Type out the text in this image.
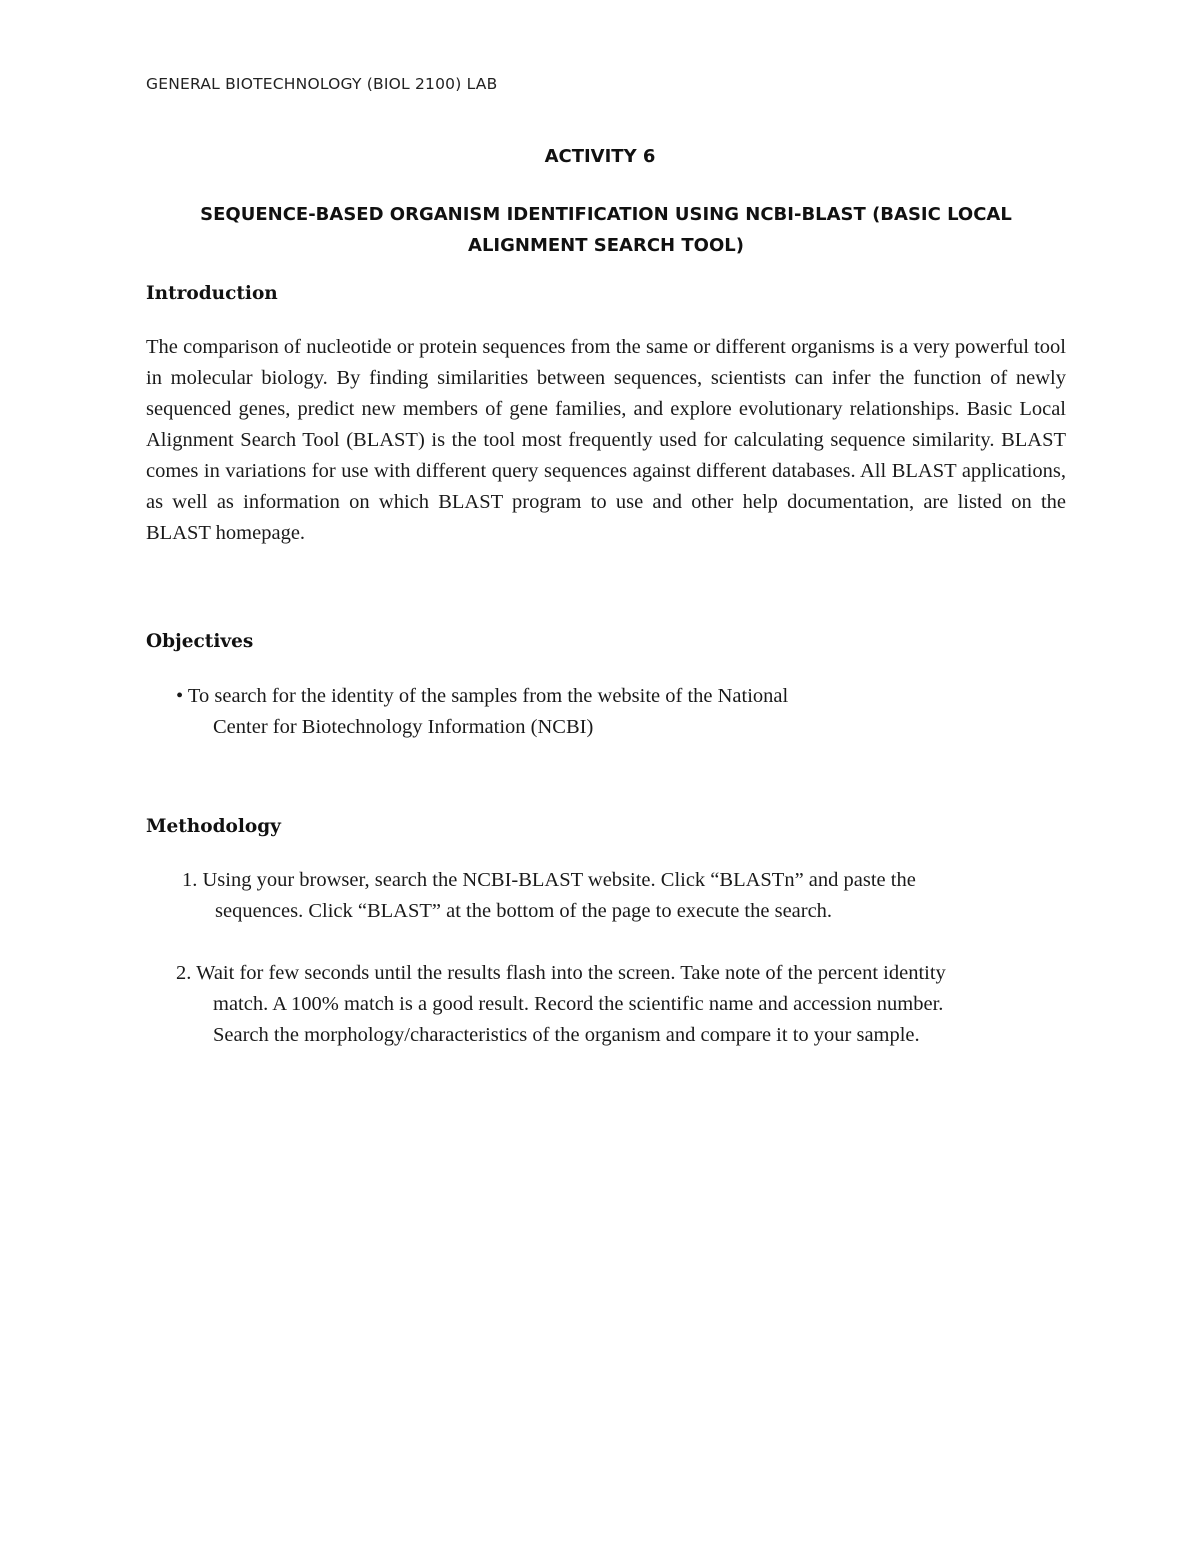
GENERAL BIOTECHNOLOGY (BIOL 2100) LAB
ACTIVITY 6
SEQUENCE-BASED ORGANISM IDENTIFICATION USING NCBI-BLAST (BASIC LOCAL ALIGNMENT SEARCH TOOL)
Introduction

The comparison of nucleotide or protein sequences from the same or different organisms is a very powerful tool in molecular biology. By finding similarities between sequences, scientists can infer the function of newly sequenced genes, predict new members of gene families, and explore evolutionary relationships. Basic Local Alignment Search Tool (BLAST) is the tool most frequently used for calculating sequence similarity. BLAST comes in variations for use with different query sequences against different databases. All BLAST applications, as well as information on which BLAST program to use and other help documentation, are listed on the BLAST homepage.

Objectives
• To search for the identity of the samples from the website of the National
Center for Biotechnology Information (NCBI)
Methodology
1. Using your browser, search the NCBI-BLAST website. Click “BLASTn” and paste the
sequences. Click “BLAST” at the bottom of the page to execute the search.
2. Wait for few seconds until the results flash into the screen. Take note of the percent identity
match. A 100% match is a good result. Record the scientific name and accession number.
Search the morphology/characteristics of the organism and compare it to your sample.
